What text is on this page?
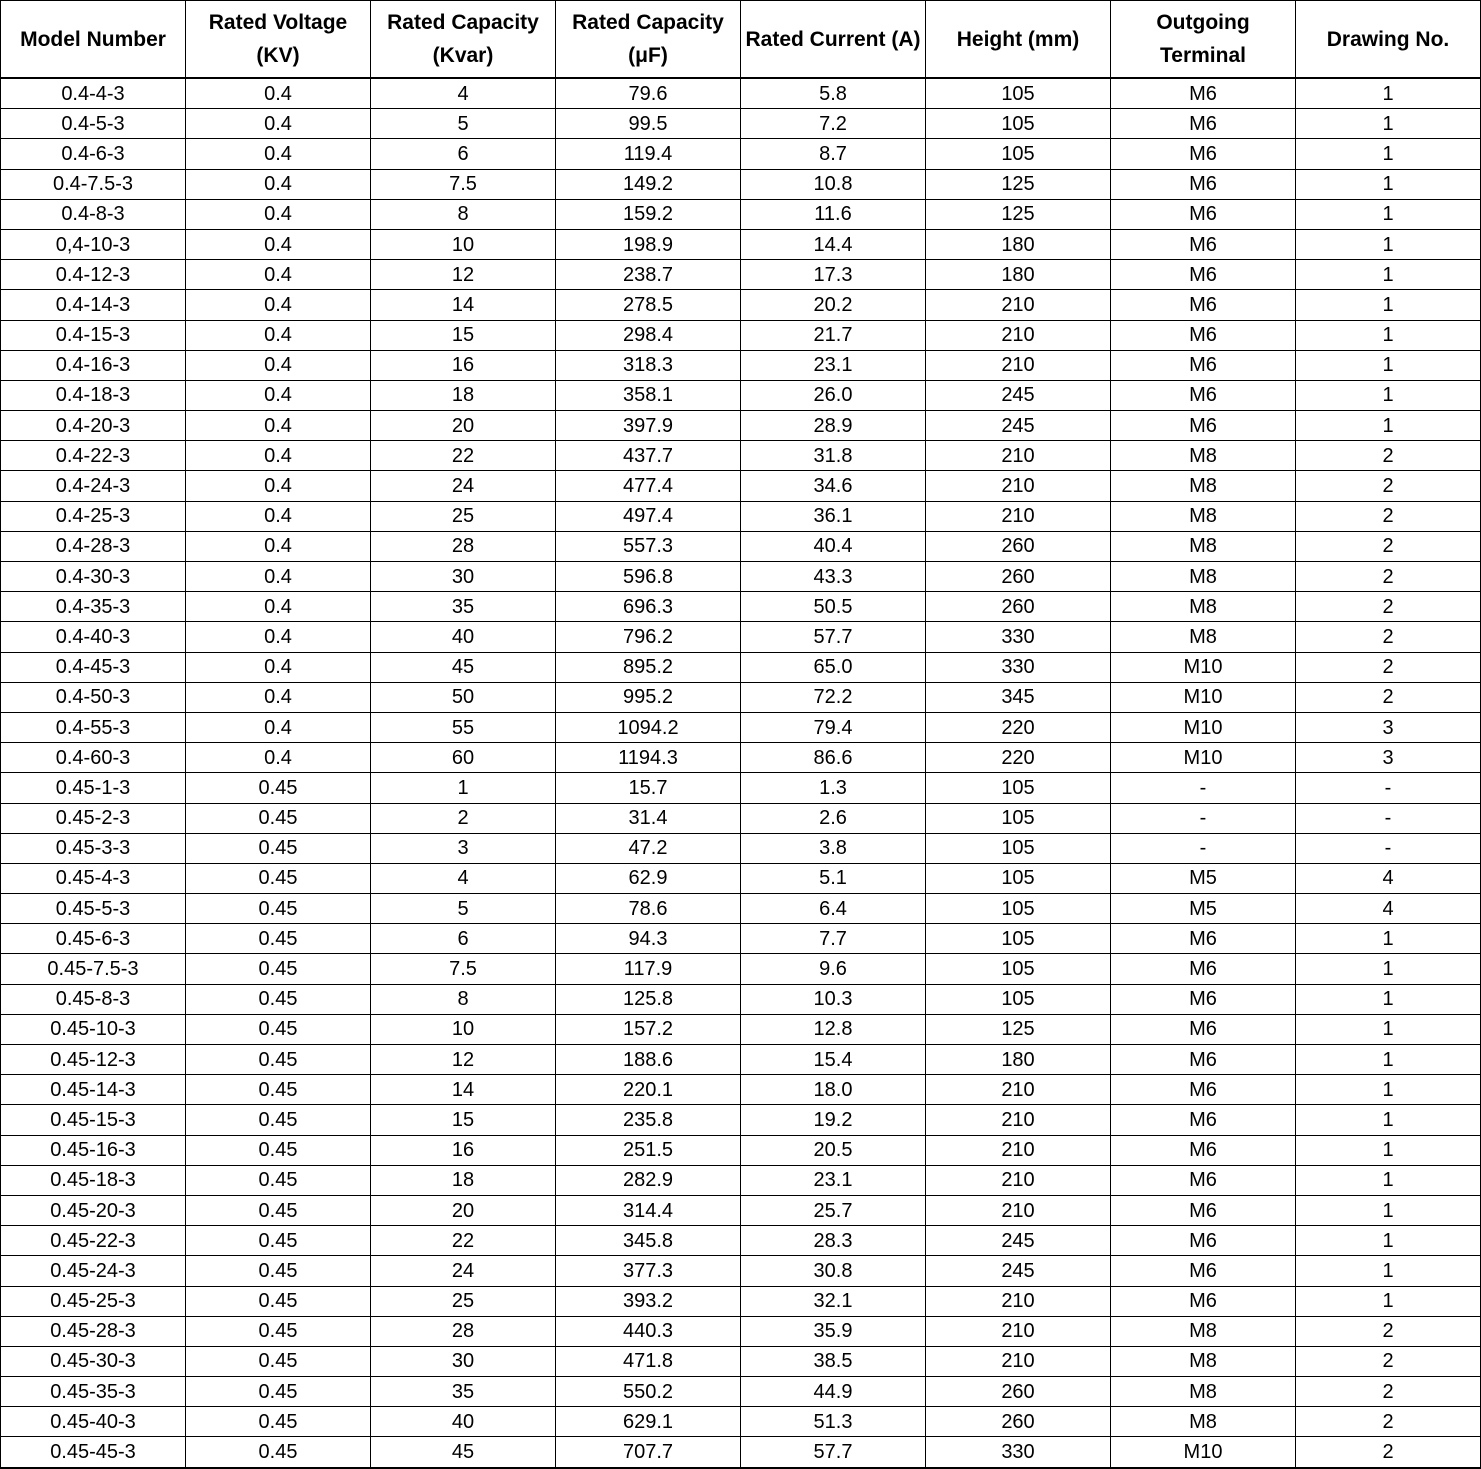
Model Number	Rated Voltage (KV)	Rated Capacity (Kvar)	Rated Capacity (μF)	Rated Current (A)	Height (mm)	Outgoing Terminal	Drawing No.
0.4-4-3	0.4	4	79.6	5.8	105	M6	1
0.4-5-3	0.4	5	99.5	7.2	105	M6	1
0.4-6-3	0.4	6	119.4	8.7	105	M6	1
0.4-7.5-3	0.4	7.5	149.2	10.8	125	M6	1
0.4-8-3	0.4	8	159.2	11.6	125	M6	1
0,4-10-3	0.4	10	198.9	14.4	180	M6	1
0.4-12-3	0.4	12	238.7	17.3	180	M6	1
0.4-14-3	0.4	14	278.5	20.2	210	M6	1
0.4-15-3	0.4	15	298.4	21.7	210	M6	1
0.4-16-3	0.4	16	318.3	23.1	210	M6	1
0.4-18-3	0.4	18	358.1	26.0	245	M6	1
0.4-20-3	0.4	20	397.9	28.9	245	M6	1
0.4-22-3	0.4	22	437.7	31.8	210	M8	2
0.4-24-3	0.4	24	477.4	34.6	210	M8	2
0.4-25-3	0.4	25	497.4	36.1	210	M8	2
0.4-28-3	0.4	28	557.3	40.4	260	M8	2
0.4-30-3	0.4	30	596.8	43.3	260	M8	2
0.4-35-3	0.4	35	696.3	50.5	260	M8	2
0.4-40-3	0.4	40	796.2	57.7	330	M8	2
0.4-45-3	0.4	45	895.2	65.0	330	M10	2
0.4-50-3	0.4	50	995.2	72.2	345	M10	2
0.4-55-3	0.4	55	1094.2	79.4	220	M10	3
0.4-60-3	0.4	60	1194.3	86.6	220	M10	3
0.45-1-3	0.45	1	15.7	1.3	105	-	-
0.45-2-3	0.45	2	31.4	2.6	105	-	-
0.45-3-3	0.45	3	47.2	3.8	105	-	-
0.45-4-3	0.45	4	62.9	5.1	105	M5	4
0.45-5-3	0.45	5	78.6	6.4	105	M5	4
0.45-6-3	0.45	6	94.3	7.7	105	M6	1
0.45-7.5-3	0.45	7.5	117.9	9.6	105	M6	1
0.45-8-3	0.45	8	125.8	10.3	105	M6	1
0.45-10-3	0.45	10	157.2	12.8	125	M6	1
0.45-12-3	0.45	12	188.6	15.4	180	M6	1
0.45-14-3	0.45	14	220.1	18.0	210	M6	1
0.45-15-3	0.45	15	235.8	19.2	210	M6	1
0.45-16-3	0.45	16	251.5	20.5	210	M6	1
0.45-18-3	0.45	18	282.9	23.1	210	M6	1
0.45-20-3	0.45	20	314.4	25.7	210	M6	1
0.45-22-3	0.45	22	345.8	28.3	245	M6	1
0.45-24-3	0.45	24	377.3	30.8	245	M6	1
0.45-25-3	0.45	25	393.2	32.1	210	M6	1
0.45-28-3	0.45	28	440.3	35.9	210	M8	2
0.45-30-3	0.45	30	471.8	38.5	210	M8	2
0.45-35-3	0.45	35	550.2	44.9	260	M8	2
0.45-40-3	0.45	40	629.1	51.3	260	M8	2
0.45-45-3	0.45	45	707.7	57.7	330	M10	2
